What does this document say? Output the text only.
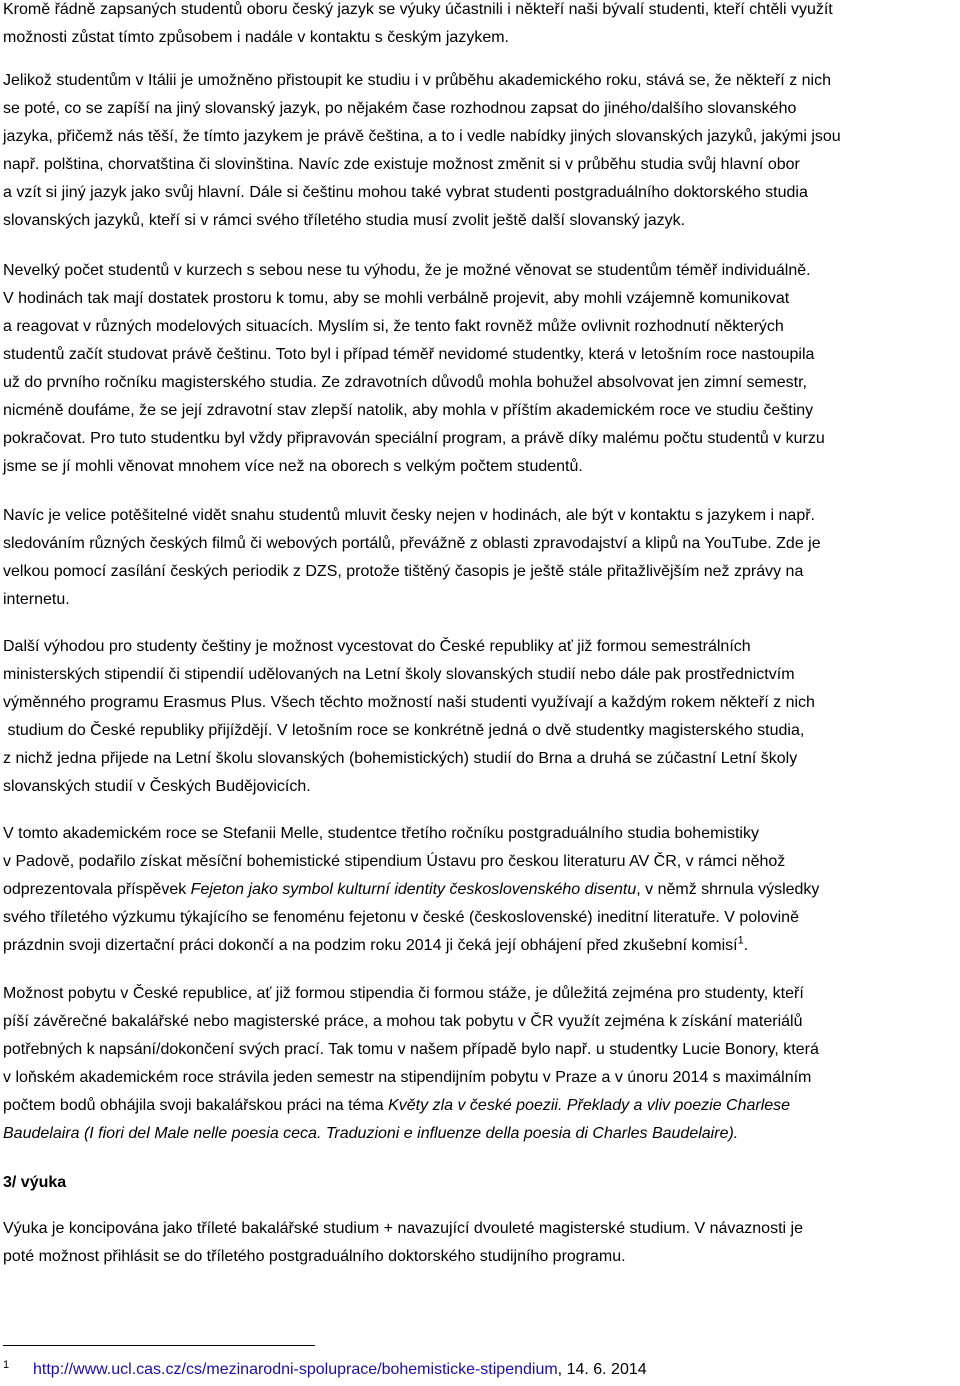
Kromě řádně zapsaných studentů oboru český jazyk se výuky účastnili i někteří naši bývalí studenti, kteří chtěli využít
možnosti zůstat tímto způsobem i nadále v kontaktu s českým jazykem.
Jelikož studentům v Itálii je umožněno přistoupit ke studiu i v průběhu akademického roku, stává se, že někteří z nich
se poté, co se zapíší na jiný slovanský jazyk, po nějakém čase rozhodnou zapsat do jiného/dalšího slovanského
jazyka, přičemž nás těší, že tímto jazykem je právě čeština, a to i vedle nabídky jiných slovanských jazyků, jakými jsou
např. polština, chorvatština či slovinština. Navíc zde existuje možnost změnit si v průběhu studia svůj hlavní obor
a vzít si jiný jazyk jako svůj hlavní. Dále si češtinu mohou také vybrat studenti postgraduálního doktorského studia
slovanských jazyků, kteří si v rámci svého tříletého studia musí zvolit ještě další slovanský jazyk.
Nevelký počet studentů v kurzech s sebou nese tu výhodu, že je možné věnovat se studentům téměř individuálně.
V hodinách tak mají dostatek prostoru k tomu, aby se mohli verbálně projevit, aby mohli vzájemně komunikovat
a reagovat v různých modelových situacích. Myslím si, že tento fakt rovněž může ovlivnit rozhodnutí některých
studentů začít studovat právě češtinu. Toto byl i případ téměř nevidomé studentky, která v letošním roce nastoupila
už do prvního ročníku magisterského studia. Ze zdravotních důvodů mohla bohužel absolvovat jen zimní semestr,
nicméně doufáme, že se její zdravotní stav zlepší natolik, aby mohla v příštím akademickém roce ve studiu češtiny
pokračovat. Pro tuto studentku byl vždy připravován speciální program, a právě díky malému počtu studentů v kurzu
jsme se jí mohli věnovat mnohem více než na oborech s velkým počtem studentů.
Navíc je velice potěšitelné vidět snahu studentů mluvit česky nejen v hodinách, ale být v kontaktu s jazykem i např.
sledováním různých českých filmů či webových portálů, převážně z oblasti zpravodajství a klipů na YouTube. Zde je
velkou pomocí zasílání českých periodik z DZS, protože tištěný časopis je ještě stále přitažlivějším než zprávy na
internetu.
Další výhodou pro studenty češtiny je možnost vycestovat do České republiky ať již formou semestrálních
ministerských stipendií či stipendií udělovaných na Letní školy slovanských studií nebo dále pak prostřednictvím
výměnného programu Erasmus Plus. Všech těchto možností naši studenti využívají a každým rokem někteří z nich
studium do České republiky přijíždějí. V letošním roce se konkrétně jedná o dvě studentky magisterského studia,
z nichž jedna přijede na Letní školu slovanských (bohemistických) studií do Brna a druhá se zúčastní Letní školy
slovanských studií v Českých Budějovicích.
V tomto akademickém roce se Stefanii Melle, studentce třetího ročníku postgraduálního studia bohemistiky
v Padově, podařilo získat měsíční bohemistické stipendium Ústavu pro českou literaturu AV ČR, v rámci něhož
odprezentovala příspěvek Fejeton jako symbol kulturní identity československého disentu, v němž shrnula výsledky
svého tříletého výzkumu týkajícího se fenoménu fejetonu v české (československé) ineditní literatuře. V polovině
prázdnin svoji dizertační práci dokončí a na podzim roku 2014 ji čeká její obhájení před zkušební komisí$^1$.
Možnost pobytu v České republice, ať již formou stipendia či formou stáže, je důležitá zejména pro studenty, kteří
píší závěrečné bakalářské nebo magisterské práce, a mohou tak pobytu v ČR využít zejména k získání materiálů
potřebných k napsání/dokončení svých prací. Tak tomu v našem případě bylo např. u studentky Lucie Bonory, která
v loňském akademickém roce strávila jeden semestr na stipendijním pobytu v Praze a v únoru 2014 s maximálním
počtem bodů obhájila svoji bakalářskou práci na téma Květy zla v české poezii. Překlady a vliv poezie Charlese
Baudelaira (I fiori del Male nelle poesia ceca. Traduzioni e influenze della poesia di Charles Baudelaire).
3/ výuka
Výuka je koncipována jako tříleté bakalářské studium + navazující dvouleté magisterské studium. V návaznosti je
poté možnost přihlásit se do tříletého postgraduálního doktorského studijního programu.
1 http://www.ucl.cas.cz/cs/mezinarodni-spoluprace/bohemisticke-stipendium, 14. 6. 2014
